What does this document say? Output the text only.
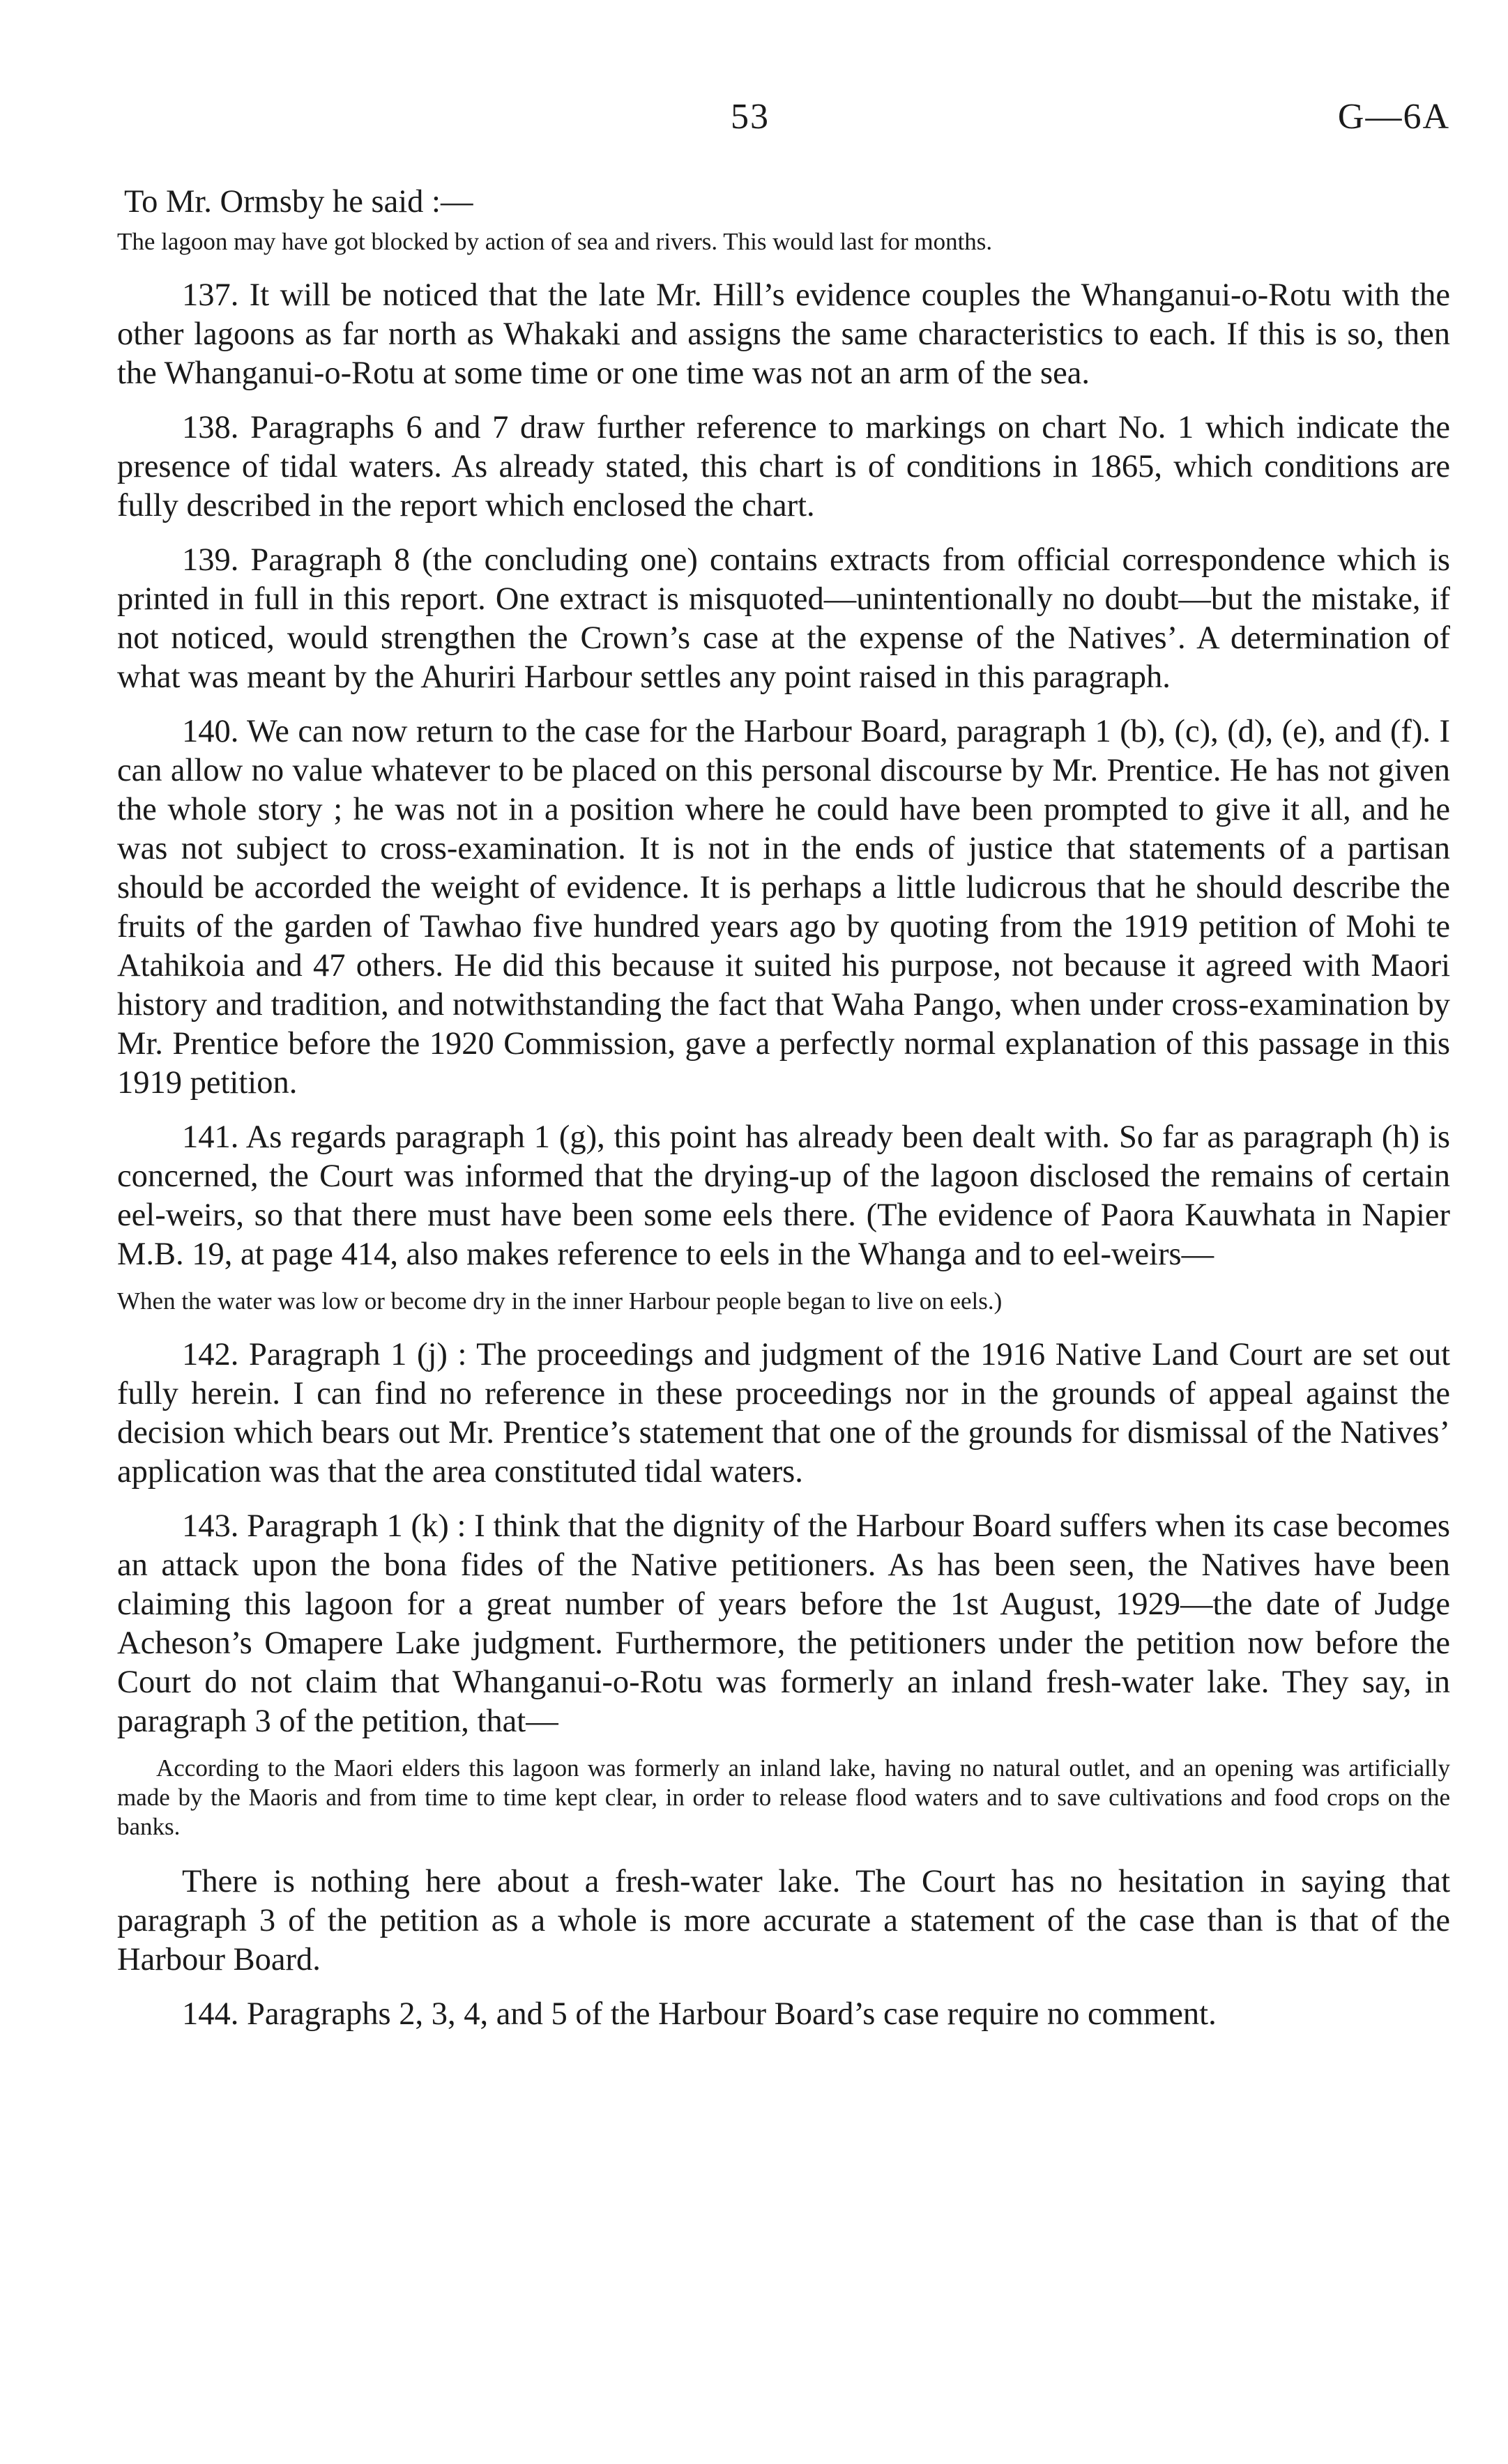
53	G—6A

To Mr. Ormsby he said :—

The lagoon may have got blocked by action of sea and rivers. This would last for months.

137. It will be noticed that the late Mr. Hill’s evidence couples the Whanganui-o-Rotu with the other lagoons as far north as Whakaki and assigns the same characteristics to each. If this is so, then the Whanganui-o-Rotu at some time or one time was not an arm of the sea.

138. Paragraphs 6 and 7 draw further reference to markings on chart No. 1 which indicate the presence of tidal waters. As already stated, this chart is of conditions in 1865, which conditions are fully described in the report which enclosed the chart.

139. Paragraph 8 (the concluding one) contains extracts from official correspondence which is printed in full in this report. One extract is misquoted—unintentionally no doubt—but the mistake, if not noticed, would strengthen the Crown’s case at the expense of the Natives’. A determination of what was meant by the Ahuriri Harbour settles any point raised in this paragraph.

140. We can now return to the case for the Harbour Board, paragraph 1 (b), (c), (d), (e), and (f). I can allow no value whatever to be placed on this personal discourse by Mr. Prentice. He has not given the whole story ; he was not in a position where he could have been prompted to give it all, and he was not subject to cross-examination. It is not in the ends of justice that statements of a partisan should be accorded the weight of evidence. It is perhaps a little ludicrous that he should describe the fruits of the garden of Tawhao five hundred years ago by quoting from the 1919 petition of Mohi te Atahikoia and 47 others. He did this because it suited his purpose, not because it agreed with Maori history and tradition, and notwithstanding the fact that Waha Pango, when under cross-examination by Mr. Prentice before the 1920 Commission, gave a perfectly normal explanation of this passage in this 1919 petition.

141. As regards paragraph 1 (g), this point has already been dealt with. So far as paragraph (h) is concerned, the Court was informed that the drying-up of the lagoon disclosed the remains of certain eel-weirs, so that there must have been some eels there. (The evidence of Paora Kauwhata in Napier M.B. 19, at page 414, also makes reference to eels in the Whanga and to eel-weirs—

When the water was low or become dry in the inner Harbour people began to live on eels.)

142. Paragraph 1 (j) : The proceedings and judgment of the 1916 Native Land Court are set out fully herein. I can find no reference in these proceedings nor in the grounds of appeal against the decision which bears out Mr. Prentice’s statement that one of the grounds for dismissal of the Natives’ application was that the area constituted tidal waters.

143. Paragraph 1 (k) : I think that the dignity of the Harbour Board suffers when its case becomes an attack upon the bona fides of the Native petitioners. As has been seen, the Natives have been claiming this lagoon for a great number of years before the 1st August, 1929—the date of Judge Acheson’s Omapere Lake judgment. Furthermore, the petitioners under the petition now before the Court do not claim that Whanganui-o-Rotu was formerly an inland fresh-water lake. They say, in paragraph 3 of the petition, that—

According to the Maori elders this lagoon was formerly an inland lake, having no natural outlet, and an opening was artificially made by the Maoris and from time to time kept clear, in order to release flood waters and to save cultivations and food crops on the banks.

There is nothing here about a fresh-water lake. The Court has no hesitation in saying that paragraph 3 of the petition as a whole is more accurate a statement of the case than is that of the Harbour Board.

144. Paragraphs 2, 3, 4, and 5 of the Harbour Board’s case require no comment.
